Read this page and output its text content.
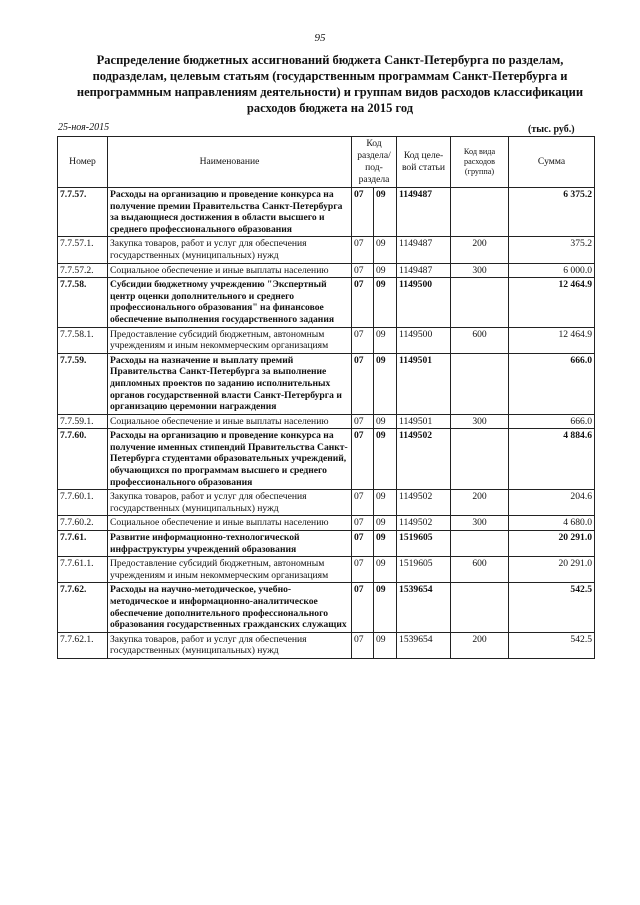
95
Распределение бюджетных ассигнований бюджета Санкт-Петербурга по разделам, подразделам, целевым статьям (государственным программам Санкт-Петербурга и непрограммным направлениям деятельности) и группам видов расходов классификации расходов бюджета на 2015 год
25-ноя-2015	(тыс. руб.)
Номер	Наименование	Код раздела/ под- раздела		Код целе- вой статьи	Код вида расходов (группа)	Сумма
7.7.57.	Расходы на организацию и проведение конкурса на получение премии Правительства Санкт-Петербурга за выдающиеся достижения в области высшего и среднего профессионального образования	07	09	1149487		6 375.2
7.7.57.1.	Закупка товаров, работ и услуг для обеспечения государственных (муниципальных) нужд	07	09	1149487	200	375.2
7.7.57.2.	Социальное обеспечение и иные выплаты населению	07	09	1149487	300	6 000.0
7.7.58.	Субсидии бюджетному учреждению "Экспертный центр оценки дополнительного и среднего профессионального образования" на финансовое обеспечение выполнения государственного задания	07	09	1149500		12 464.9
7.7.58.1.	Предоставление субсидий бюджетным, автономным учреждениям и иным некоммерческим организациям	07	09	1149500	600	12 464.9
7.7.59.	Расходы на назначение и выплату премий Правительства Санкт-Петербурга за выполнение дипломных проектов по заданию исполнительных органов государственной власти Санкт-Петербурга и организацию церемонии награждения	07	09	1149501		666.0
7.7.59.1.	Социальное обеспечение и иные выплаты населению	07	09	1149501	300	666.0
7.7.60.	Расходы на организацию и проведение конкурса на получение именных стипендий Правительства Санкт-Петербурга студентами образовательных учреждений, обучающихся по программам высшего и среднего профессионального образования	07	09	1149502		4 884.6
7.7.60.1.	Закупка товаров, работ и услуг для обеспечения государственных (муниципальных) нужд	07	09	1149502	200	204.6
7.7.60.2.	Социальное обеспечение и иные выплаты населению	07	09	1149502	300	4 680.0
7.7.61.	Развитие информационно-технологической инфраструктуры учреждений образования	07	09	1519605		20 291.0
7.7.61.1.	Предоставление субсидий бюджетным, автономным учреждениям и иным некоммерческим организациям	07	09	1519605	600	20 291.0
7.7.62.	Расходы на научно-методическое, учебно-методическое и информационно-аналитическое обеспечение дополнительного профессионального образования государственных гражданских служащих	07	09	1539654		542.5
7.7.62.1.	Закупка товаров, работ и услуг для обеспечения государственных (муниципальных) нужд	07	09	1539654	200	542.5
